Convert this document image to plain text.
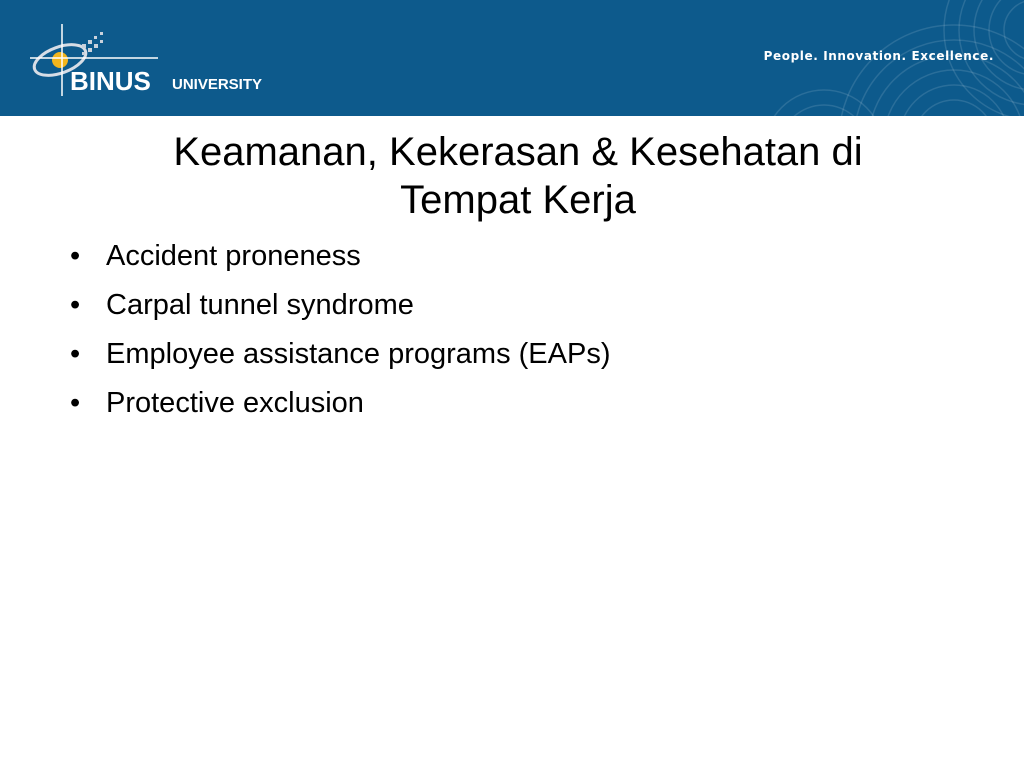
BINUS UNIVERSITY
People. Innovation. Excellence.
Keamanan, Kekerasan & Kesehatan di
Tempat Kerja
• Accident proneness
• Carpal tunnel syndrome
• Employee assistance programs (EAPs)
• Protective exclusion
